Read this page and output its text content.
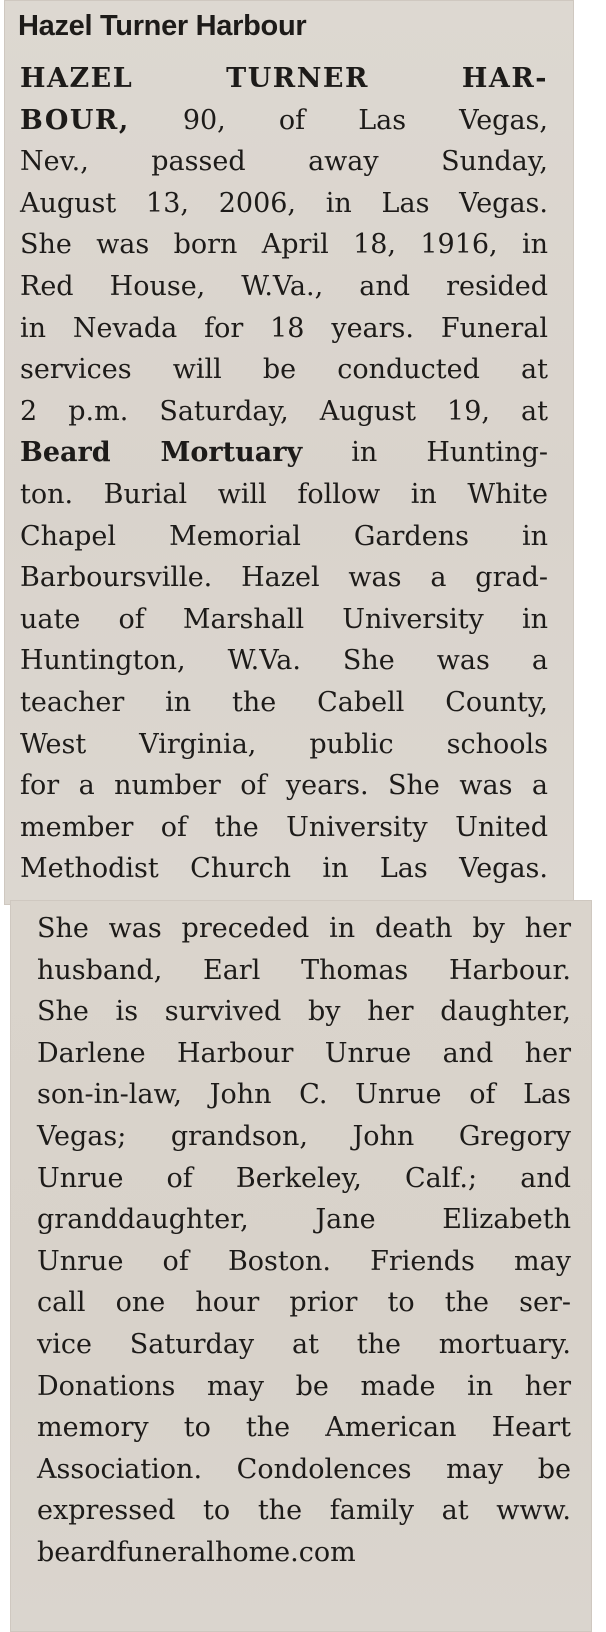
Hazel Turner Harbour
HAZEL TURNER HAR-
BOUR, 90, of Las Vegas,
Nev., passed away Sunday,
August 13, 2006, in Las Vegas.
She was born April 18, 1916, in
Red House, W.Va., and resided
in Nevada for 18 years. Funeral
services will be conducted at
2 p.m. Saturday, August 19, at
Beard Mortuary in Hunting-
ton. Burial will follow in White
Chapel Memorial Gardens in
Barboursville. Hazel was a grad-
uate of Marshall University in
Huntington, W.Va. She was a
teacher in the Cabell County,
West Virginia, public schools
for a number of years. She was a
member of the University United
Methodist Church in Las Vegas.
She was preceded in death by her
husband, Earl Thomas Harbour.
She is survived by her daughter,
Darlene Harbour Unrue and her
son-in-law, John C. Unrue of Las
Vegas; grandson, John Gregory
Unrue of Berkeley, Calf.; and
granddaughter, Jane Elizabeth
Unrue of Boston. Friends may
call one hour prior to the ser-
vice Saturday at the mortuary.
Donations may be made in her
memory to the American Heart
Association. Condolences may be
expressed to the family at www.
beardfuneralhome.com
